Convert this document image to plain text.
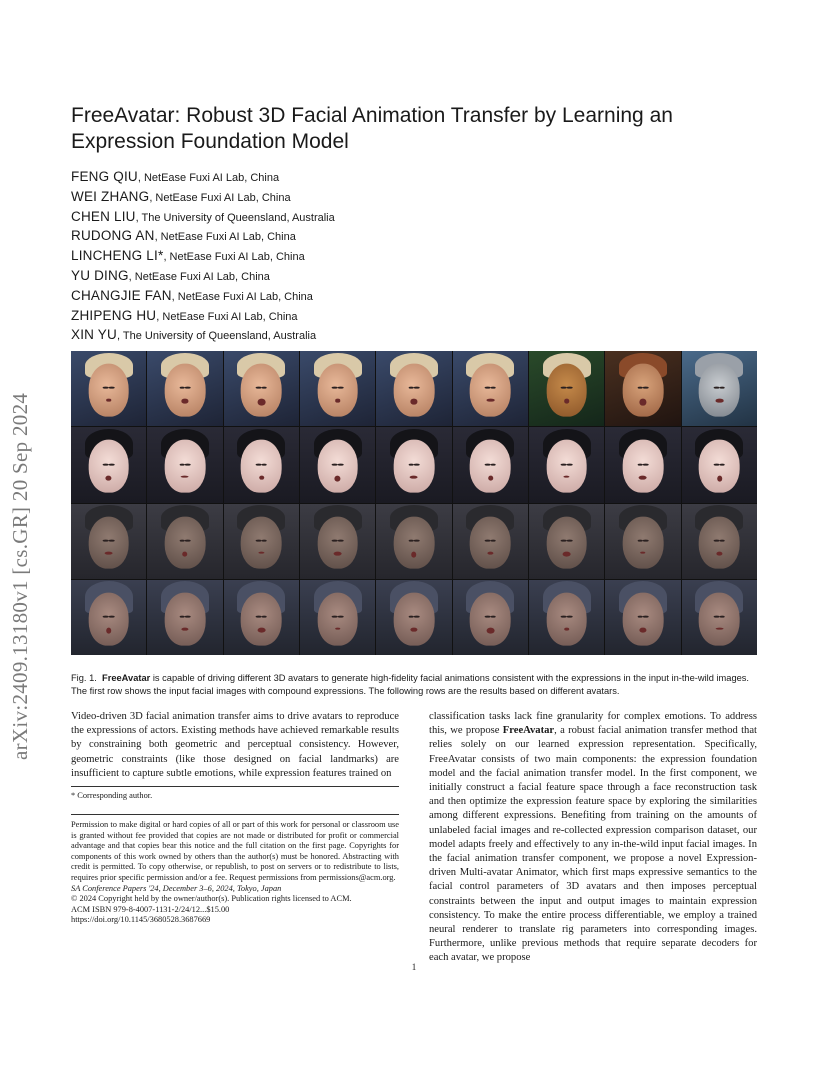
arXiv:2409.13180v1 [cs.GR] 20 Sep 2024
FreeAvatar: Robust 3D Facial Animation Transfer by Learning an Expression Foundation Model
FENG QIU, NetEase Fuxi AI Lab, China
WEI ZHANG, NetEase Fuxi AI Lab, China
CHEN LIU, The University of Queensland, Australia
RUDONG AN, NetEase Fuxi AI Lab, China
LINCHENG LI*, NetEase Fuxi AI Lab, China
YU DING, NetEase Fuxi AI Lab, China
CHANGJIE FAN, NetEase Fuxi AI Lab, China
ZHIPENG HU, NetEase Fuxi AI Lab, China
XIN YU, The University of Queensland, Australia

Fig. 1. FreeAvatar is capable of driving different 3D avatars to generate high-fidelity facial animations consistent with the expressions in the input in-the-wild images. The first row shows the input facial images with compound expressions. The following rows are the results based on different avatars.

Video-driven 3D facial animation transfer aims to drive avatars to reproduce the expressions of actors. Existing methods have achieved remarkable results by constraining both geometric and perceptual consistency. However, geometric constraints (like those designed on facial landmarks) are insufficient to capture subtle emotions, while expression features trained on

classification tasks lack fine granularity for complex emotions. To address this, we propose FreeAvatar, a robust facial animation transfer method that relies solely on our learned expression representation. Specifically, FreeAvatar consists of two main components: the expression foundation model and the facial animation transfer model. In the first component, we initially construct a facial feature space through a face reconstruction task and then optimize the expression feature space by exploring the similarities among different expressions. Benefiting from training on the amounts of unlabeled facial images and re-collected expression comparison dataset, our model adapts freely and effectively to any in-the-wild input facial images. In the facial animation transfer component, we propose a novel Expression-driven Multi-avatar Animator, which first maps expressive semantics to the facial control parameters of 3D avatars and then imposes perceptual constraints between the input and output images to maintain expression consistency. To make the entire process differentiable, we employ a trained neural renderer to translate rig parameters into corresponding images. Furthermore, unlike previous methods that require separate decoders for each avatar, we propose

* Corresponding author.

Permission to make digital or hard copies of all or part of this work for personal or classroom use is granted without fee provided that copies are not made or distributed for profit or commercial advantage and that copies bear this notice and the full citation on the first page. Copyrights for components of this work owned by others than the author(s) must be honored. Abstracting with credit is permitted. To copy otherwise, or republish, to post on servers or to redistribute to lists, requires prior specific permission and/or a fee. Request permissions from permissions@acm.org.
SA Conference Papers '24, December 3–6, 2024, Tokyo, Japan
© 2024 Copyright held by the owner/author(s). Publication rights licensed to ACM.
ACM ISBN 979-8-4007-1131-2/24/12...$15.00
https://doi.org/10.1145/3680528.3687669
1
